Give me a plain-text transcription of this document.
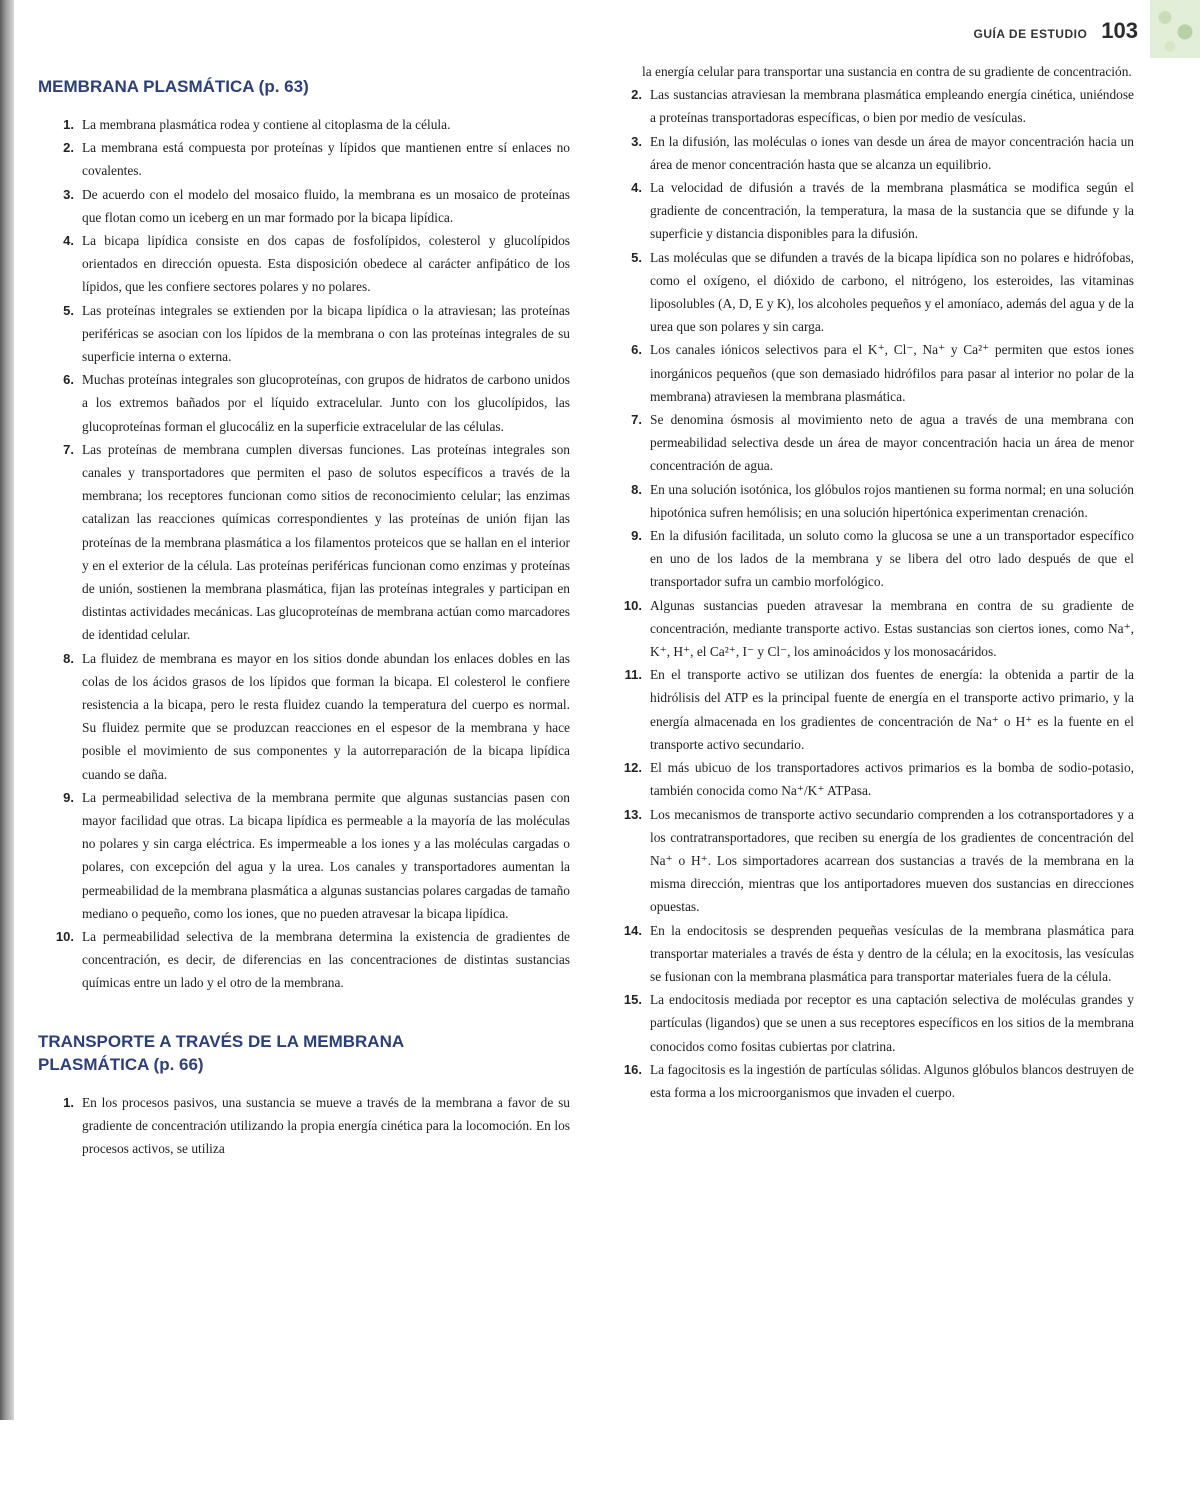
GUÍA DE ESTUDIO 103
MEMBRANA PLASMÁTICA (p. 63)
1. La membrana plasmática rodea y contiene al citoplasma de la célula.
2. La membrana está compuesta por proteínas y lípidos que mantienen entre sí enlaces no covalentes.
3. De acuerdo con el modelo del mosaico fluido, la membrana es un mosaico de proteínas que flotan como un iceberg en un mar formado por la bicapa lipídica.
4. La bicapa lipídica consiste en dos capas de fosfolípidos, colesterol y glucolípidos orientados en dirección opuesta. Esta disposición obedece al carácter anfipático de los lípidos, que les confiere sectores polares y no polares.
5. Las proteínas integrales se extienden por la bicapa lipídica o la atraviesan; las proteínas periféricas se asocian con los lípidos de la membrana o con las proteínas integrales de su superficie interna o externa.
6. Muchas proteínas integrales son glucoproteínas, con grupos de hidratos de carbono unidos a los extremos bañados por el líquido extracelular. Junto con los glucolípidos, las glucoproteínas forman el glucocáliz en la superficie extracelular de las células.
7. Las proteínas de membrana cumplen diversas funciones. Las proteínas integrales son canales y transportadores que permiten el paso de solutos específicos a través de la membrana; los receptores funcionan como sitios de reconocimiento celular; las enzimas catalizan las reacciones químicas correspondientes y las proteínas de unión fijan las proteínas de la membrana plasmática a los filamentos proteicos que se hallan en el interior y en el exterior de la célula. Las proteínas periféricas funcionan como enzimas y proteínas de unión, sostienen la membrana plasmática, fijan las proteínas integrales y participan en distintas actividades mecánicas. Las glucoproteínas de membrana actúan como marcadores de identidad celular.
8. La fluidez de membrana es mayor en los sitios donde abundan los enlaces dobles en las colas de los ácidos grasos de los lípidos que forman la bicapa. El colesterol le confiere resistencia a la bicapa, pero le resta fluidez cuando la temperatura del cuerpo es normal. Su fluidez permite que se produzcan reacciones en el espesor de la membrana y hace posible el movimiento de sus componentes y la autorreparación de la bicapa lipídica cuando se daña.
9. La permeabilidad selectiva de la membrana permite que algunas sustancias pasen con mayor facilidad que otras. La bicapa lipídica es permeable a la mayoría de las moléculas no polares y sin carga eléctrica. Es impermeable a los iones y a las moléculas cargadas o polares, con excepción del agua y la urea. Los canales y transportadores aumentan la permeabilidad de la membrana plasmática a algunas sustancias polares cargadas de tamaño mediano o pequeño, como los iones, que no pueden atravesar la bicapa lipídica.
10. La permeabilidad selectiva de la membrana determina la existencia de gradientes de concentración, es decir, de diferencias en las concentraciones de distintas sustancias químicas entre un lado y el otro de la membrana.
TRANSPORTE A TRAVÉS DE LA MEMBRANA
PLASMÁTICA (p. 66)
1. En los procesos pasivos, una sustancia se mueve a través de la membrana a favor de su gradiente de concentración utilizando la propia energía cinética para la locomoción. En los procesos activos, se utiliza
la energía celular para transportar una sustancia en contra de su gradiente de concentración.
2. Las sustancias atraviesan la membrana plasmática empleando energía cinética, uniéndose a proteínas transportadoras específicas, o bien por medio de vesículas.
3. En la difusión, las moléculas o iones van desde un área de mayor concentración hacia un área de menor concentración hasta que se alcanza un equilibrio.
4. La velocidad de difusión a través de la membrana plasmática se modifica según el gradiente de concentración, la temperatura, la masa de la sustancia que se difunde y la superficie y distancia disponibles para la difusión.
5. Las moléculas que se difunden a través de la bicapa lipídica son no polares e hidrófobas, como el oxígeno, el dióxido de carbono, el nitrógeno, los esteroides, las vitaminas liposolubles (A, D, E y K), los alcoholes pequeños y el amoníaco, además del agua y de la urea que son polares y sin carga.
6. Los canales iónicos selectivos para el K⁺, Cl⁻, Na⁺ y Ca²⁺ permiten que estos iones inorgánicos pequeños (que son demasiado hidrófilos para pasar al interior no polar de la membrana) atraviesen la membrana plasmática.
7. Se denomina ósmosis al movimiento neto de agua a través de una membrana con permeabilidad selectiva desde un área de mayor concentración hacia un área de menor concentración de agua.
8. En una solución isotónica, los glóbulos rojos mantienen su forma normal; en una solución hipotónica sufren hemólisis; en una solución hipertónica experimentan crenación.
9. En la difusión facilitada, un soluto como la glucosa se une a un transportador específico en uno de los lados de la membrana y se libera del otro lado después de que el transportador sufra un cambio morfológico.
10. Algunas sustancias pueden atravesar la membrana en contra de su gradiente de concentración, mediante transporte activo. Estas sustancias son ciertos iones, como Na⁺, K⁺, H⁺, el Ca²⁺, I⁻ y Cl⁻, los aminoácidos y los monosacáridos.
11. En el transporte activo se utilizan dos fuentes de energía: la obtenida a partir de la hidrólisis del ATP es la principal fuente de energía en el transporte activo primario, y la energía almacenada en los gradientes de concentración de Na⁺ o H⁺ es la fuente en el transporte activo secundario.
12. El más ubicuo de los transportadores activos primarios es la bomba de sodio-potasio, también conocida como Na⁺/K⁺ ATPasa.
13. Los mecanismos de transporte activo secundario comprenden a los cotransportadores y a los contratransportadores, que reciben su energía de los gradientes de concentración del Na⁺ o H⁺. Los simportadores acarrean dos sustancias a través de la membrana en la misma dirección, mientras que los antiportadores mueven dos sustancias en direcciones opuestas.
14. En la endocitosis se desprenden pequeñas vesículas de la membrana plasmática para transportar materiales a través de ésta y dentro de la célula; en la exocitosis, las vesículas se fusionan con la membrana plasmática para transportar materiales fuera de la célula.
15. La endocitosis mediada por receptor es una captación selectiva de moléculas grandes y partículas (ligandos) que se unen a sus receptores específicos en los sitios de la membrana conocidos como fositas cubiertas por clatrina.
16. La fagocitosis es la ingestión de partículas sólidas. Algunos glóbulos blancos destruyen de esta forma a los microorganismos que invaden el cuerpo.
